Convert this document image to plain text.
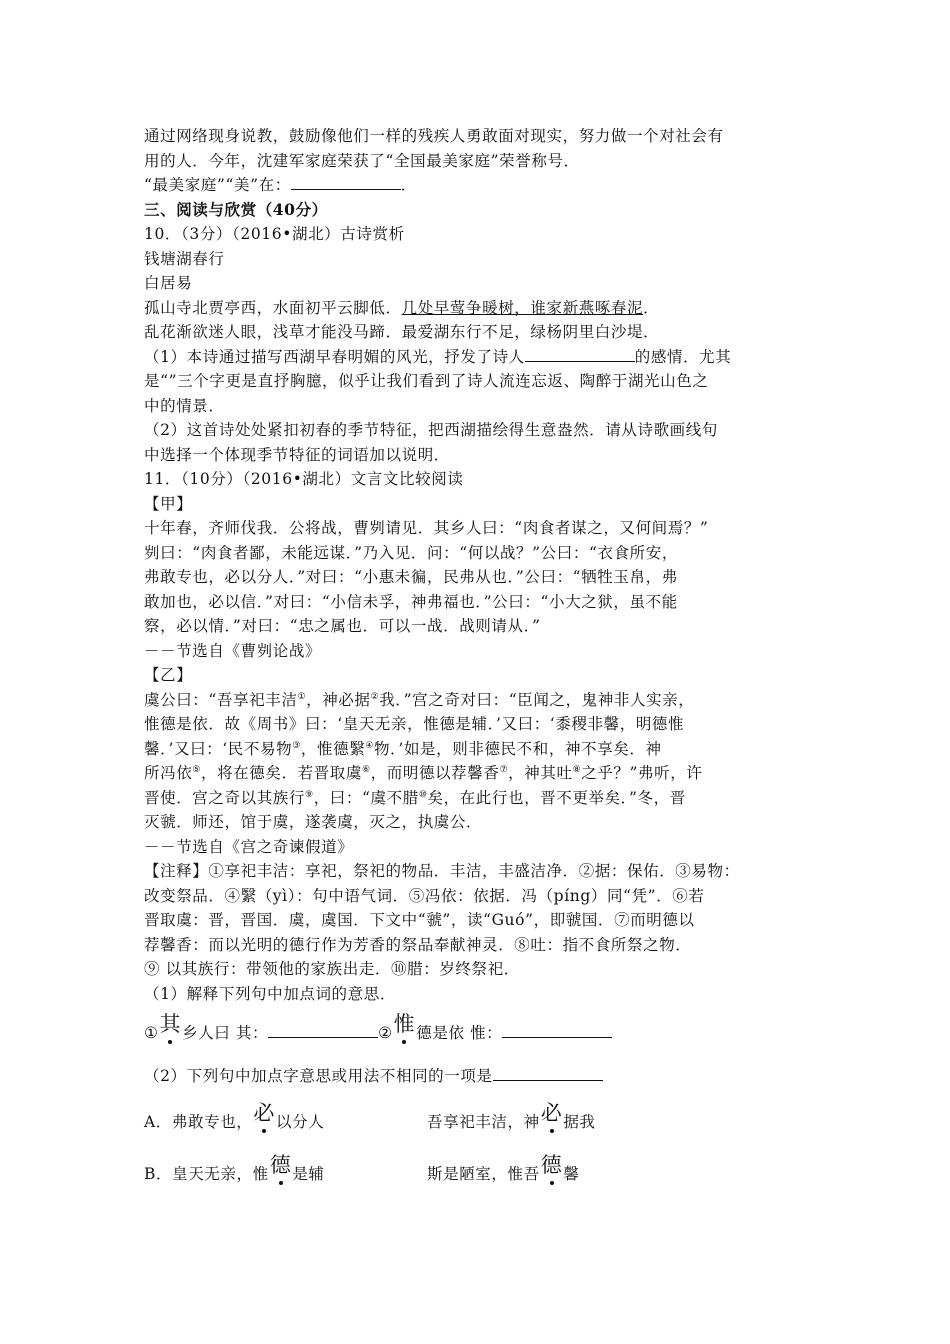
通过网络现身说教，鼓励像他们一样的残疾人勇敢面对现实，努力做一个对社会有
用的人．今年，沈建军家庭荣获了“全国最美家庭”荣誉称号．
“最美家庭”“美”在：	．
三、阅读与欣赏（40分）
10．（3分）（2016•湖北）古诗赏析
钱塘湖春行
白居易
孤山寺北贾亭西，水面初平云脚低．几处早莺争暖树，谁家新燕啄春泥．
乱花渐欲迷人眼，浅草才能没马蹄．最爱湖东行不足，绿杨阴里白沙堤．
（1）本诗通过描写西湖早春明媚的风光，抒发了诗人	的感情．尤其
是“”三个字更是直抒胸臆，似乎让我们看到了诗人流连忘返、陶醉于湖光山色之
中的情景．
（2）这首诗处处紧扣初春的季节特征，把西湖描绘得生意盎然．请从诗歌画线句
中选择一个体现季节特征的词语加以说明．
11．（10分）（2016•湖北）文言文比较阅读
【甲】
十年春，齐师伐我．公将战，曹刿请见．其乡人曰：“肉食者谋之，又何间焉？”
刿曰：“肉食者鄙，未能远谋．”乃入见．问：“何以战？”公曰：“衣食所安，
弗敢专也，必以分人．”对曰：“小惠未徧，民弗从也．”公曰：“牺牲玉帛，弗
敢加也，必以信．”对曰：“小信未孚，神弗福也．”公曰：“小大之狱，虽不能
察，必以情．”对曰：“忠之属也．可以一战．战则请从．”
－－节选自《曹刿论战》
【乙】
虞公曰：“吾享祀丰洁①，神必据②我．”宫之奇对曰：“臣闻之，鬼神非人实亲，
惟德是依．故《周书》曰：‘皇天无亲，惟德是辅．’又曰：‘黍稷非馨，明德惟
馨．’又曰：‘民不易物③，惟德繄④物．’如是，则非德民不和，神不享矣．神
所冯依⑤，将在德矣．若晋取虞⑥，而明德以荐馨香⑦，神其吐⑧之乎？”弗听，许
晋使．宫之奇以其族行⑨，曰：“虞不腊⑩矣，在此行也，晋不更举矣．”冬，晋
灭虢．师还，馆于虞，遂袭虞，灭之，执虞公．
－－节选自《宫之奇谏假道》
【注释】①享祀丰洁：享祀，祭祀的物品．丰洁，丰盛洁净．②据：保佑．③易物：
改变祭品．④繄（yì）：句中语气词．⑤冯依：依据．冯（píng）同“凭”．⑥若
晋取虞：晋，晋国．虞，虞国．下文中“虢”，读“Guó”，即虢国．⑦而明德以
荐馨香：而以光明的德行作为芳香的祭品奉献神灵．⑧吐：指不食所祭之物．
⑨ 以其族行：带领他的家族出走．⑩腊：岁终祭祀．
（1）解释下列句中加点词的意思．
①其乡人曰 其：	②惟德是依 惟：
（2）下列句中加点字意思或用法不相同的一项是
A．弗敢专也，必以分人	吾享祀丰洁，神必据我
B．皇天无亲，惟德是辅	斯是陋室，惟吾德馨
